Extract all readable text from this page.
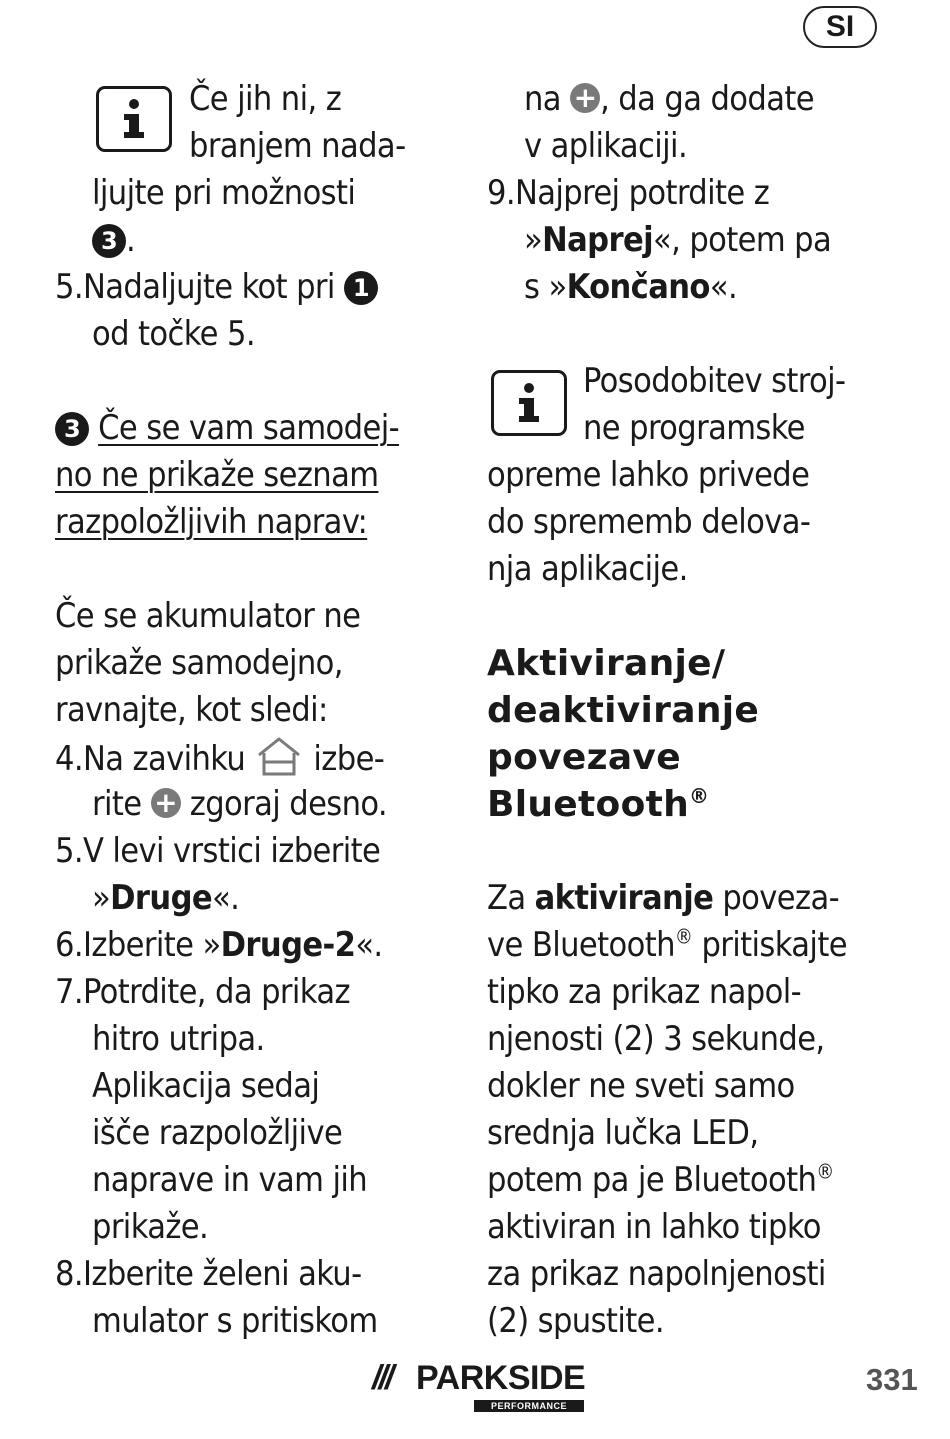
SI
Če jih ni, z
branjem nada-
ljujte pri možnosti
3 .
5.Nadaljujte kot pri 1
od točke 5.
3 Če se vam samodej-
no ne prikaže seznam
razpoložljivih naprav:
Če se akumulator ne
prikaže samodejno,
ravnajte, kot sledi:
4.Na zavihku izbe-
rite + zgoraj desno.
5.V levi vrstici izberite
»Druge«.
6.Izberite »Druge-2«.
7.Potrdite, da prikaz
hitro utripa.
Aplikacija sedaj
išče razpoložljive
naprave in vam jih
prikaže.
8.Izberite želeni aku-
mulator s pritiskom
na + , da ga dodate
v aplikaciji.
9.Najprej potrdite z
»Naprej«, potem pa
s »Končano«.
Posodobitev stroj-
ne programske
opreme lahko privede
do sprememb delova-
nja aplikacije.
Aktiviranje/
deaktiviranje
povezave
Bluetooth®
Za aktiviranje poveza-
ve Bluetooth® pritiskajte
tipko za prikaz napol-
njenosti (2) 3 sekunde,
dokler ne sveti samo
srednja lučka LED,
potem pa je Bluetooth®
aktiviran in lahko tipko
za prikaz napolnjenosti
(2) spustite.
/// PARKSIDE
PERFORMANCE
331
